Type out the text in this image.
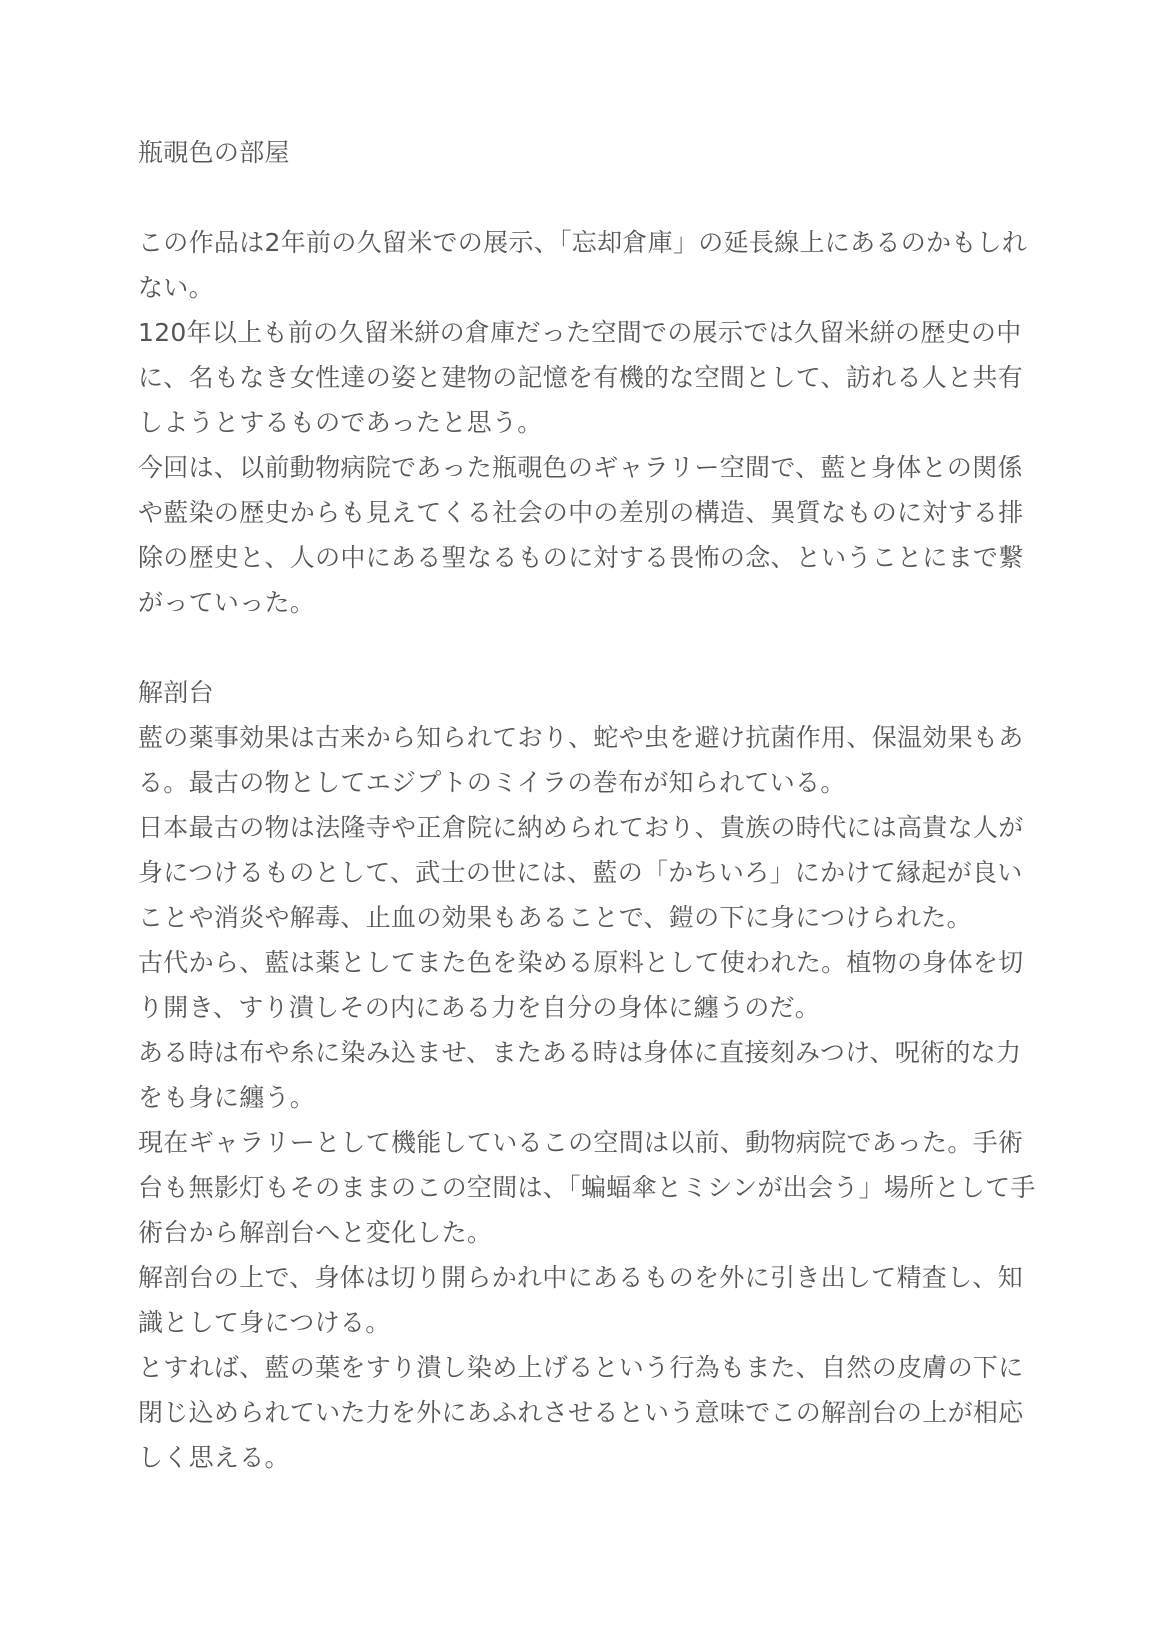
瓶覗色の部屋

この作品は2年前の久留米での展示、「忘却倉庫」の延長線上にあるのかもしれない。

120年以上も前の久留米絣の倉庫だった空間での展示では久留米絣の歴史の中に、名もなき女性達の姿と建物の記憶を有機的な空間として、訪れる人と共有しようとするものであったと思う。

今回は、以前動物病院であった瓶覗色のギャラリー空間で、藍と身体との関係や藍染の歴史からも見えてくる社会の中の差別の構造、異質なものに対する排除の歴史と、人の中にある聖なるものに対する畏怖の念、ということにまで繋がっていった。

解剖台

藍の薬事効果は古来から知られており、蛇や虫を避け抗菌作用、保温効果もある。最古の物としてエジプトのミイラの巻布が知られている。

日本最古の物は法隆寺や正倉院に納められており、貴族の時代には高貴な人が身につけるものとして、武士の世には、藍の「かちいろ」にかけて縁起が良いことや消炎や解毒、止血の効果もあることで、鎧の下に身につけられた。

古代から、藍は薬としてまた色を染める原料として使われた。植物の身体を切り開き、すり潰しその内にある力を自分の身体に纏うのだ。

ある時は布や糸に染み込ませ、またある時は身体に直接刻みつけ、呪術的な力をも身に纏う。

現在ギャラリーとして機能しているこの空間は以前、動物病院であった。手術台も無影灯もそのままのこの空間は、「蝙蝠傘とミシンが出会う」場所として手術台から解剖台へと変化した。

解剖台の上で、身体は切り開らかれ中にあるものを外に引き出して精査し、知識として身につける。

とすれば、藍の葉をすり潰し染め上げるという行為もまた、自然の皮膚の下に閉じ込められていた力を外にあふれさせるという意味でこの解剖台の上が相応しく思える。
